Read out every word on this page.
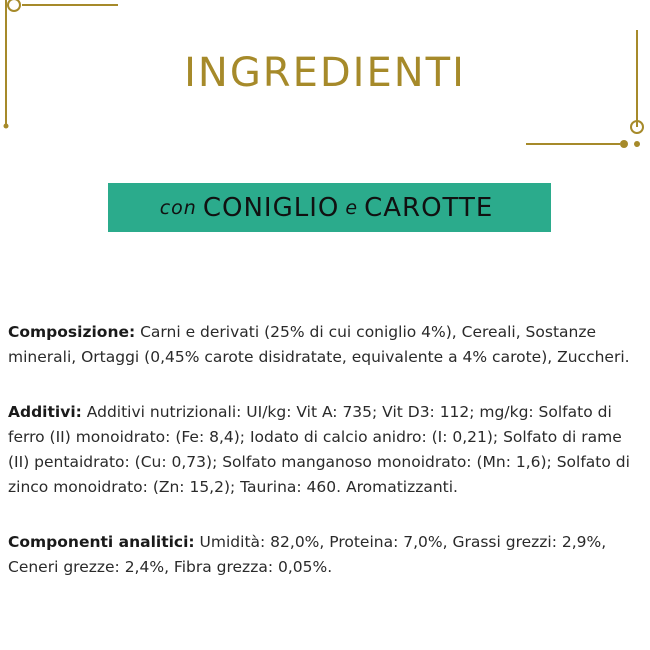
INGREDIENTI
con CONIGLIO e CAROTTE

Composizione: Carni e derivati (25% di cui coniglio 4%), Cereali, Sostanze minerali, Ortaggi (0,45% carote disidratate, equivalente a 4% carote), Zuccheri.

Additivi: Additivi nutrizionali: UI/kg: Vit A: 735; Vit D3: 112; mg/kg: Solfato di ferro (II) monoidrato: (Fe: 8,4); Iodato di calcio anidro: (I: 0,21); Solfato di rame (II) pentaidrato: (Cu: 0,73); Solfato manganoso monoidrato: (Mn: 1,6); Solfato di zinco monoidrato: (Zn: 15,2); Taurina: 460. Aromatizzanti.

Componenti analitici: Umidità: 82,0%, Proteina: 7,0%, Grassi grezzi: 2,9%, Ceneri grezze: 2,4%, Fibra grezza: 0,05%.
